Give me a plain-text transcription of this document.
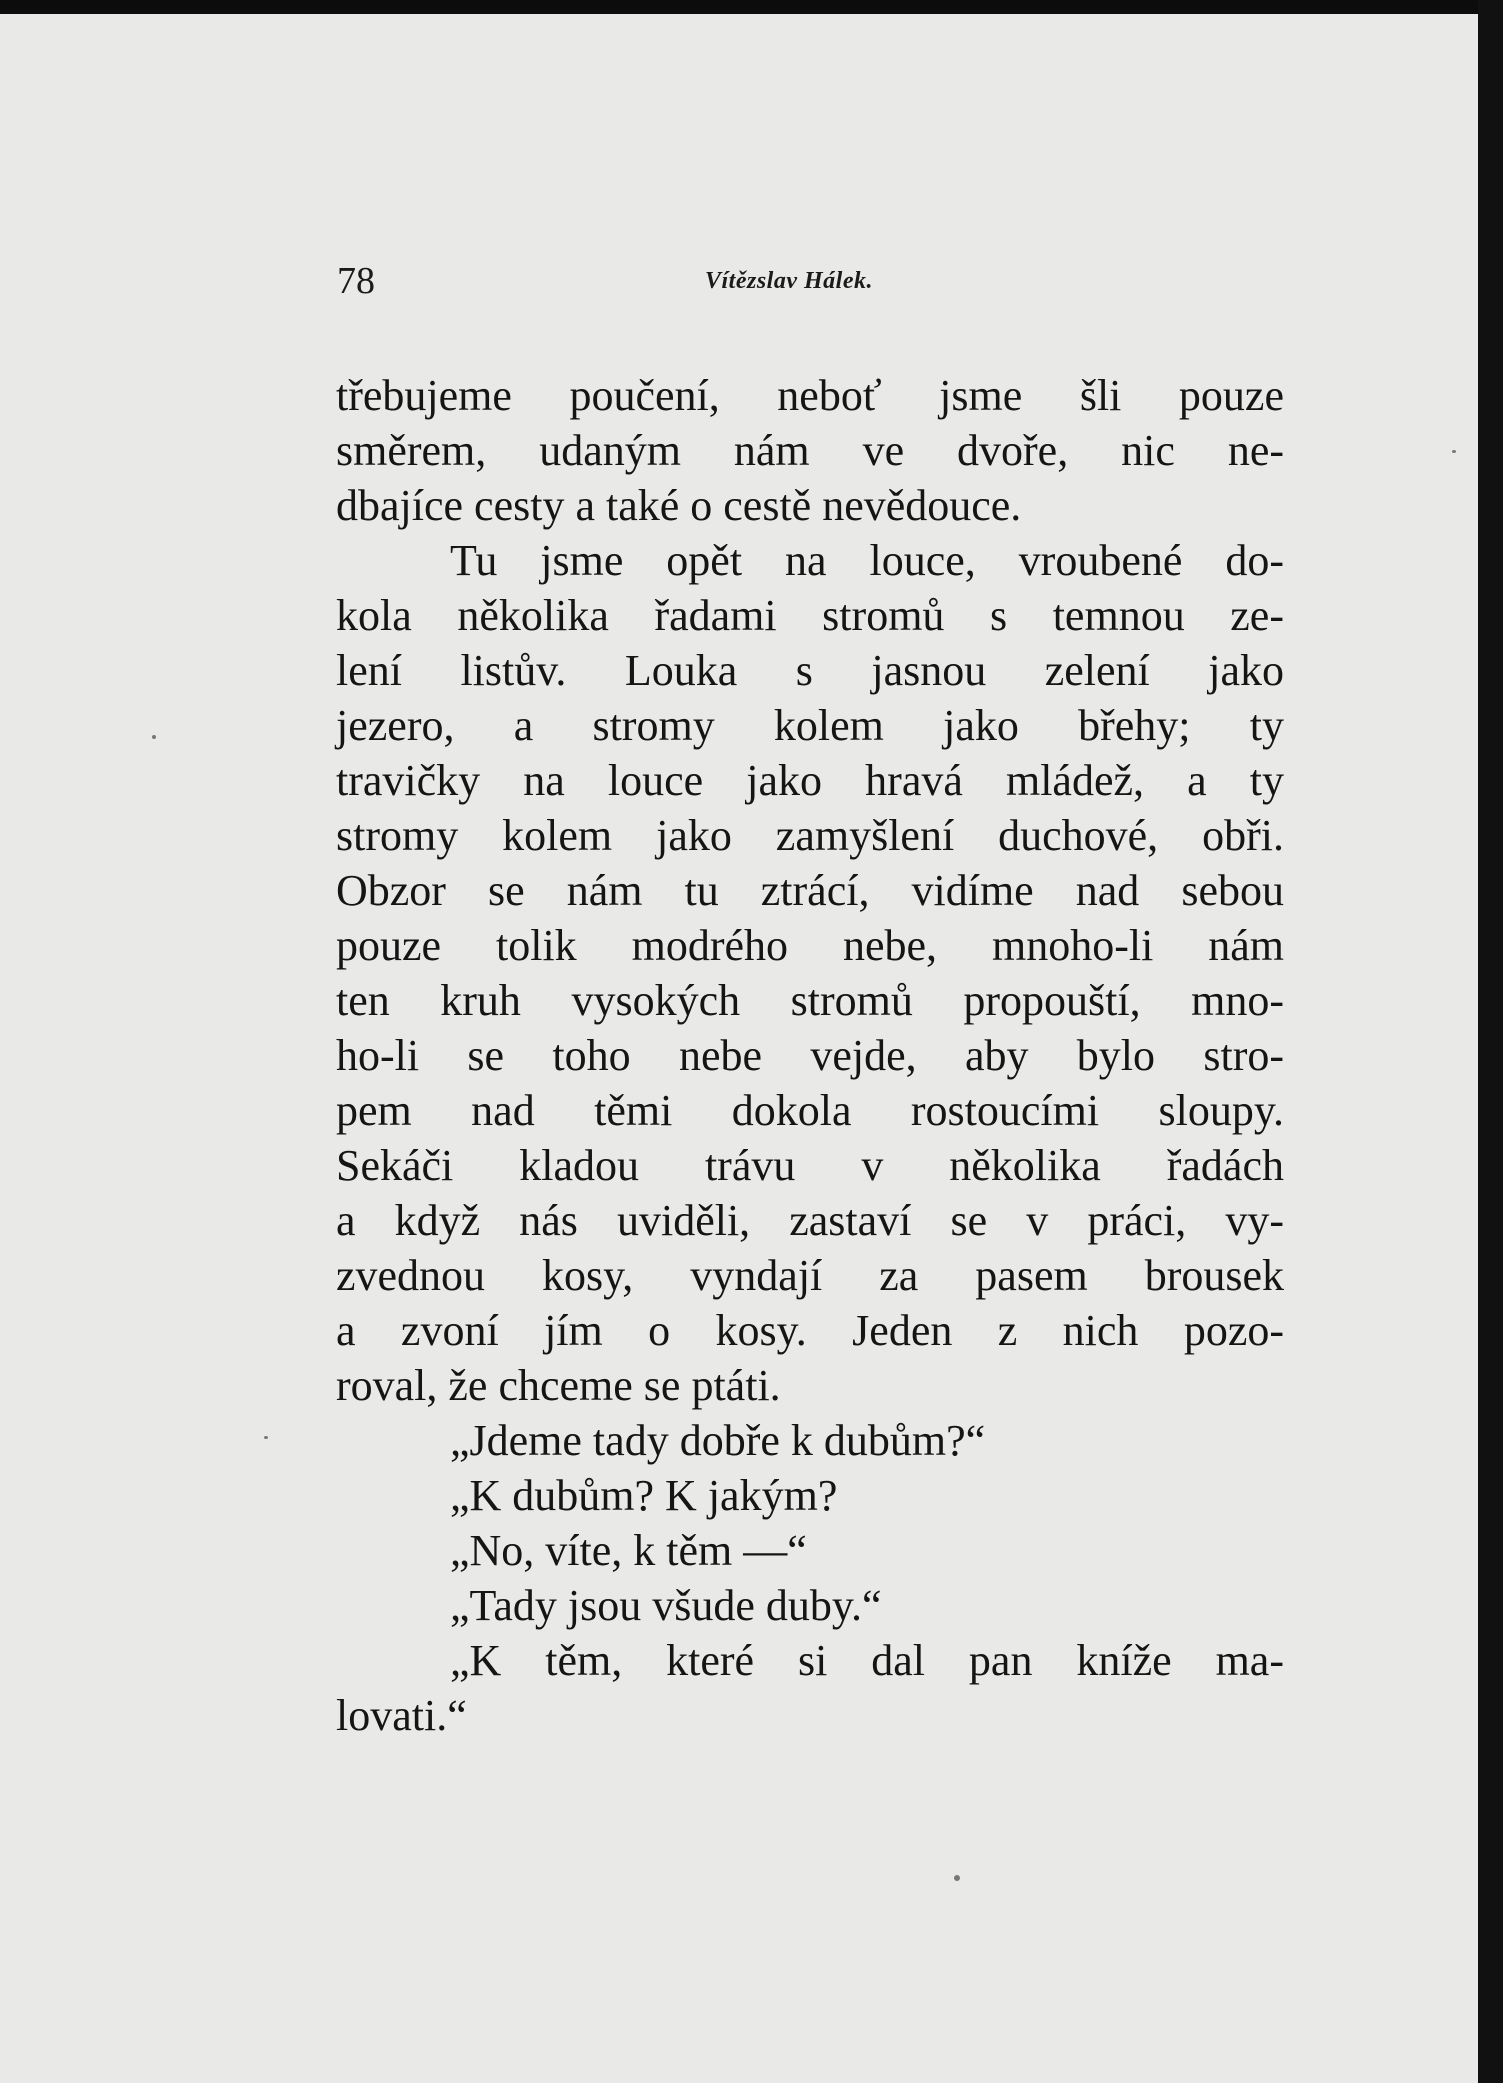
78	Vítězslav Hálek.
třebujeme poučení, neboť jsme šli pouze
směrem, udaným nám ve dvoře, nic ne-
dbajíce cesty a také o cestě nevědouce.
Tu jsme opět na louce, vroubené do-
kola několika řadami stromů s temnou ze-
lení listův. Louka s jasnou zelení jako
jezero, a stromy kolem jako břehy; ty
travičky na louce jako hravá mládež, a ty
stromy kolem jako zamyšlení duchové, obři.
Obzor se nám tu ztrácí, vidíme nad sebou
pouze tolik modrého nebe, mnoho-li nám
ten kruh vysokých stromů propouští, mno-
ho-li se toho nebe vejde, aby bylo stro-
pem nad těmi dokola rostoucími sloupy.
Sekáči kladou trávu v několika řadách
a když nás uviděli, zastaví se v práci, vy-
zvednou kosy, vyndají za pasem brousek
a zvoní jím o kosy. Jeden z nich pozo-
roval, že chceme se ptáti.
„Jdeme tady dobře k dubům?“
„K dubům? K jakým?
„No, víte, k těm —“
„Tady jsou všude duby.“
„K těm, které si dal pan kníže ma-
lovati.“
